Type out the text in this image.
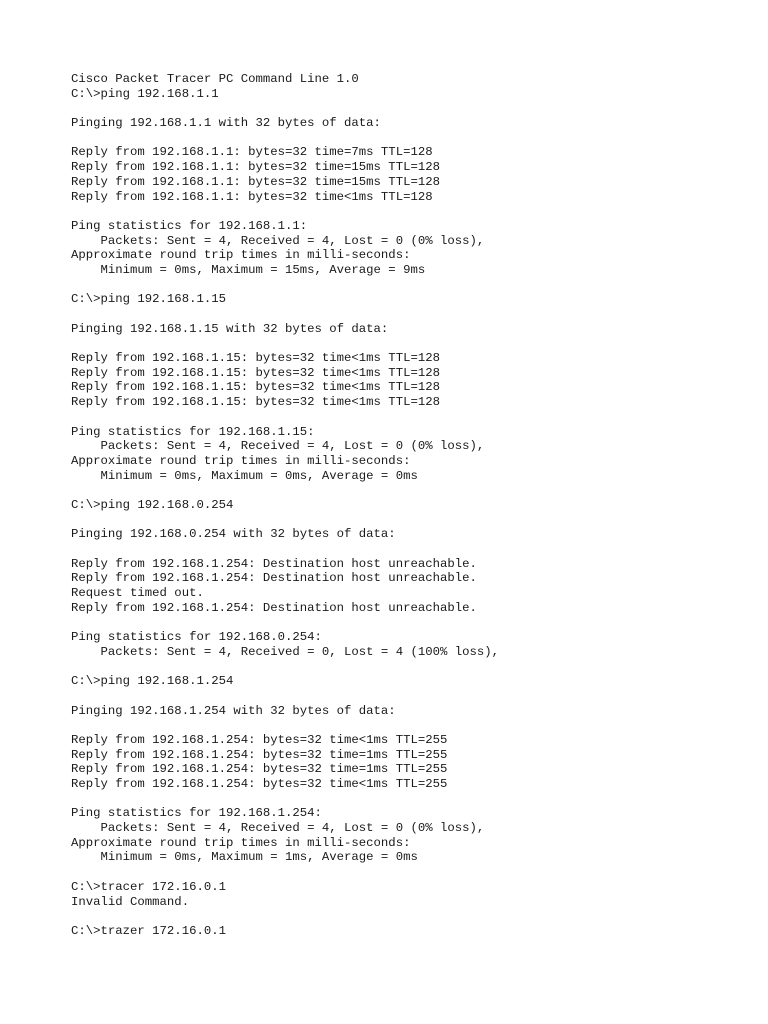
Cisco Packet Tracer PC Command Line 1.0
C:\>ping 192.168.1.1
Pinging 192.168.1.1 with 32 bytes of data:
Reply from 192.168.1.1: bytes=32 time=7ms TTL=128
Reply from 192.168.1.1: bytes=32 time=15ms TTL=128
Reply from 192.168.1.1: bytes=32 time=15ms TTL=128
Reply from 192.168.1.1: bytes=32 time<1ms TTL=128
Ping statistics for 192.168.1.1:
Packets: Sent = 4, Received = 4, Lost = 0 (0% loss),
Approximate round trip times in milli-seconds:
Minimum = 0ms, Maximum = 15ms, Average = 9ms
C:\>ping 192.168.1.15
Pinging 192.168.1.15 with 32 bytes of data:
Reply from 192.168.1.15: bytes=32 time<1ms TTL=128
Reply from 192.168.1.15: bytes=32 time<1ms TTL=128
Reply from 192.168.1.15: bytes=32 time<1ms TTL=128
Reply from 192.168.1.15: bytes=32 time<1ms TTL=128
Ping statistics for 192.168.1.15:
Packets: Sent = 4, Received = 4, Lost = 0 (0% loss),
Approximate round trip times in milli-seconds:
Minimum = 0ms, Maximum = 0ms, Average = 0ms
C:\>ping 192.168.0.254
Pinging 192.168.0.254 with 32 bytes of data:
Reply from 192.168.1.254: Destination host unreachable.
Reply from 192.168.1.254: Destination host unreachable.
Request timed out.
Reply from 192.168.1.254: Destination host unreachable.
Ping statistics for 192.168.0.254:
Packets: Sent = 4, Received = 0, Lost = 4 (100% loss),
C:\>ping 192.168.1.254
Pinging 192.168.1.254 with 32 bytes of data:
Reply from 192.168.1.254: bytes=32 time<1ms TTL=255
Reply from 192.168.1.254: bytes=32 time=1ms TTL=255
Reply from 192.168.1.254: bytes=32 time=1ms TTL=255
Reply from 192.168.1.254: bytes=32 time<1ms TTL=255
Ping statistics for 192.168.1.254:
Packets: Sent = 4, Received = 4, Lost = 0 (0% loss),
Approximate round trip times in milli-seconds:
Minimum = 0ms, Maximum = 1ms, Average = 0ms
C:\>tracer 172.16.0.1
Invalid Command.
C:\>trazer 172.16.0.1
